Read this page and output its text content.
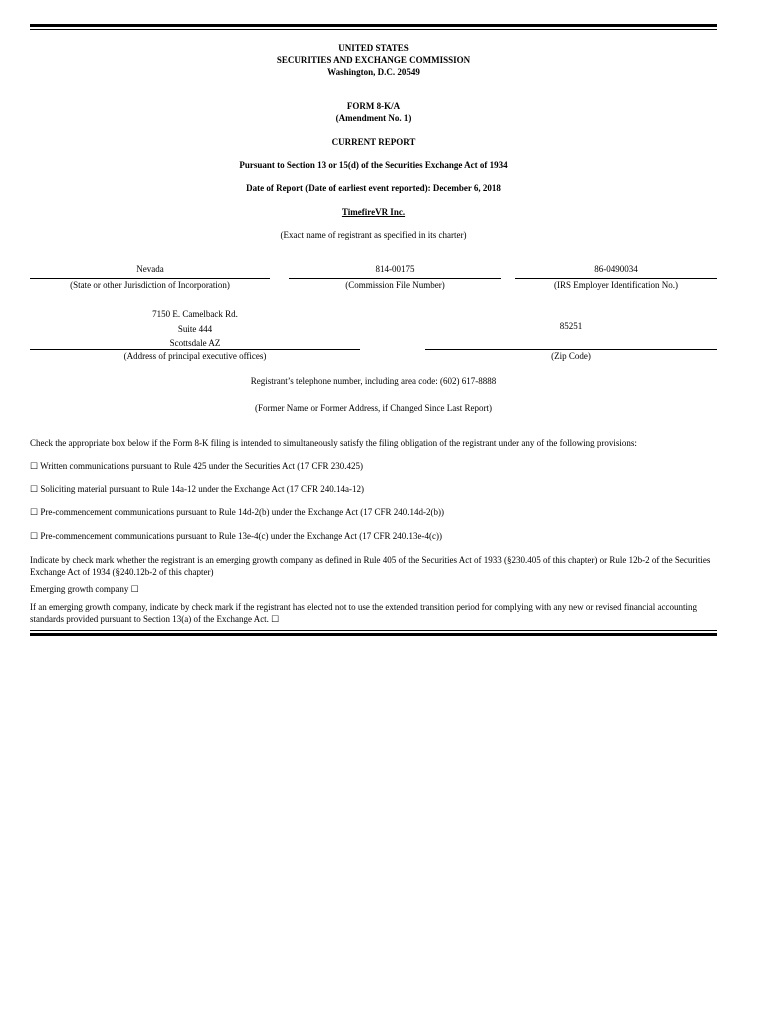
UNITED STATES
SECURITIES AND EXCHANGE COMMISSION
Washington, D.C. 20549
FORM 8-K/A
(Amendment No. 1)
CURRENT REPORT
Pursuant to Section 13 or 15(d) of the Securities Exchange Act of 1934
Date of Report (Date of earliest event reported): December 6, 2018
TimefireVR Inc.
(Exact name of registrant as specified in its charter)
Nevada
(State or other Jurisdiction of Incorporation)
814-00175
(Commission File Number)
86-0490034
(IRS Employer Identification No.)
7150 E. Camelback Rd.
Suite 444
Scottsdale AZ
(Address of principal executive offices)
85251
(Zip Code)
Registrant’s telephone number, including area code: (602) 617-8888
(Former Name or Former Address, if Changed Since Last Report)
Check the appropriate box below if the Form 8-K filing is intended to simultaneously satisfy the filing obligation of the registrant under any of the following provisions:
☐ Written communications pursuant to Rule 425 under the Securities Act (17 CFR 230.425)
☐ Soliciting material pursuant to Rule 14a-12 under the Exchange Act (17 CFR 240.14a-12)
☐ Pre-commencement communications pursuant to Rule 14d-2(b) under the Exchange Act (17 CFR 240.14d-2(b))
☐ Pre-commencement communications pursuant to Rule 13e-4(c) under the Exchange Act (17 CFR 240.13e-4(c))
Indicate by check mark whether the registrant is an emerging growth company as defined in Rule 405 of the Securities Act of 1933 (§230.405 of this chapter) or Rule 12b-2 of the Securities Exchange Act of 1934 (§240.12b-2 of this chapter)
Emerging growth company ☐
If an emerging growth company, indicate by check mark if the registrant has elected not to use the extended transition period for complying with any new or revised financial accounting standards provided pursuant to Section 13(a) of the Exchange Act. ☐
